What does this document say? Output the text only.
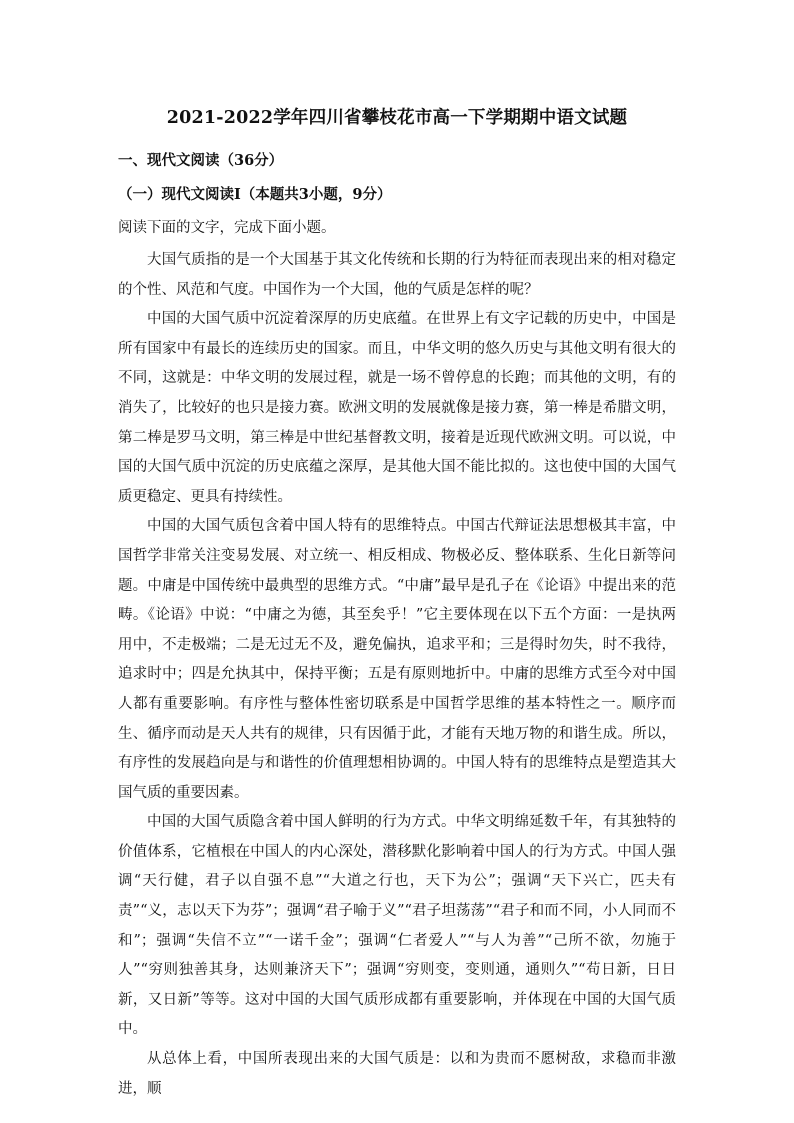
2021-2022学年四川省攀枝花市高一下学期期中语文试题
一、现代文阅读（36分）
（一）现代文阅读Ⅰ（本题共3小题，9分）
阅读下面的文字，完成下面小题。

大国气质指的是一个大国基于其文化传统和长期的行为特征而表现出来的相对稳定的个性、风范和气度。中国作为一个大国，他的气质是怎样的呢？

中国的大国气质中沉淀着深厚的历史底蕴。在世界上有文字记载的历史中，中国是所有国家中有最长的连续历史的国家。而且，中华文明的悠久历史与其他文明有很大的不同，这就是：中华文明的发展过程，就是一场不曾停息的长跑；而其他的文明，有的消失了，比较好的也只是接力赛。欧洲文明的发展就像是接力赛，第一棒是希腊文明，第二棒是罗马文明，第三棒是中世纪基督教文明，接着是近现代欧洲文明。可以说，中国的大国气质中沉淀的历史底蕴之深厚，是其他大国不能比拟的。这也使中国的大国气质更稳定、更具有持续性。

中国的大国气质包含着中国人特有的思维特点。中国古代辩证法思想极其丰富，中国哲学非常关注变易发展、对立统一、相反相成、物极必反、整体联系、生化日新等问题。中庸是中国传统中最典型的思维方式。“中庸”最早是孔子在《论语》中提出来的范畴。《论语》中说：“中庸之为德，其至矣乎！”它主要体现在以下五个方面：一是执两用中，不走极端；二是无过无不及，避免偏执，追求平和；三是得时勿失，时不我待，追求时中；四是允执其中，保持平衡；五是有原则地折中。中庸的思维方式至今对中国人都有重要影响。有序性与整体性密切联系是中国哲学思维的基本特性之一。顺序而生、循序而动是天人共有的规律，只有因循于此，才能有天地万物的和谐生成。所以，有序性的发展趋向是与和谐性的价值理想相协调的。中国人特有的思维特点是塑造其大国气质的重要因素。

中国的大国气质隐含着中国人鲜明的行为方式。中华文明绵延数千年，有其独特的价值体系，它植根在中国人的内心深处，潜移默化影响着中国人的行为方式。中国人强调“天行健，君子以自强不息”“大道之行也，天下为公”；强调“天下兴亡，匹夫有责”“义，志以天下为芬”；强调“君子喻于义”“君子坦荡荡”“君子和而不同，小人同而不和”；强调“失信不立”“一诺千金”；强调“仁者爱人”“与人为善”“己所不欲，勿施于人”“穷则独善其身，达则兼济天下”；强调“穷则变，变则通，通则久”“苟日新，日日新，又日新”等等。这对中国的大国气质形成都有重要影响，并体现在中国的大国气质中。

从总体上看，中国所表现出来的大国气质是：以和为贵而不愿树敌，求稳而非激进，顺
